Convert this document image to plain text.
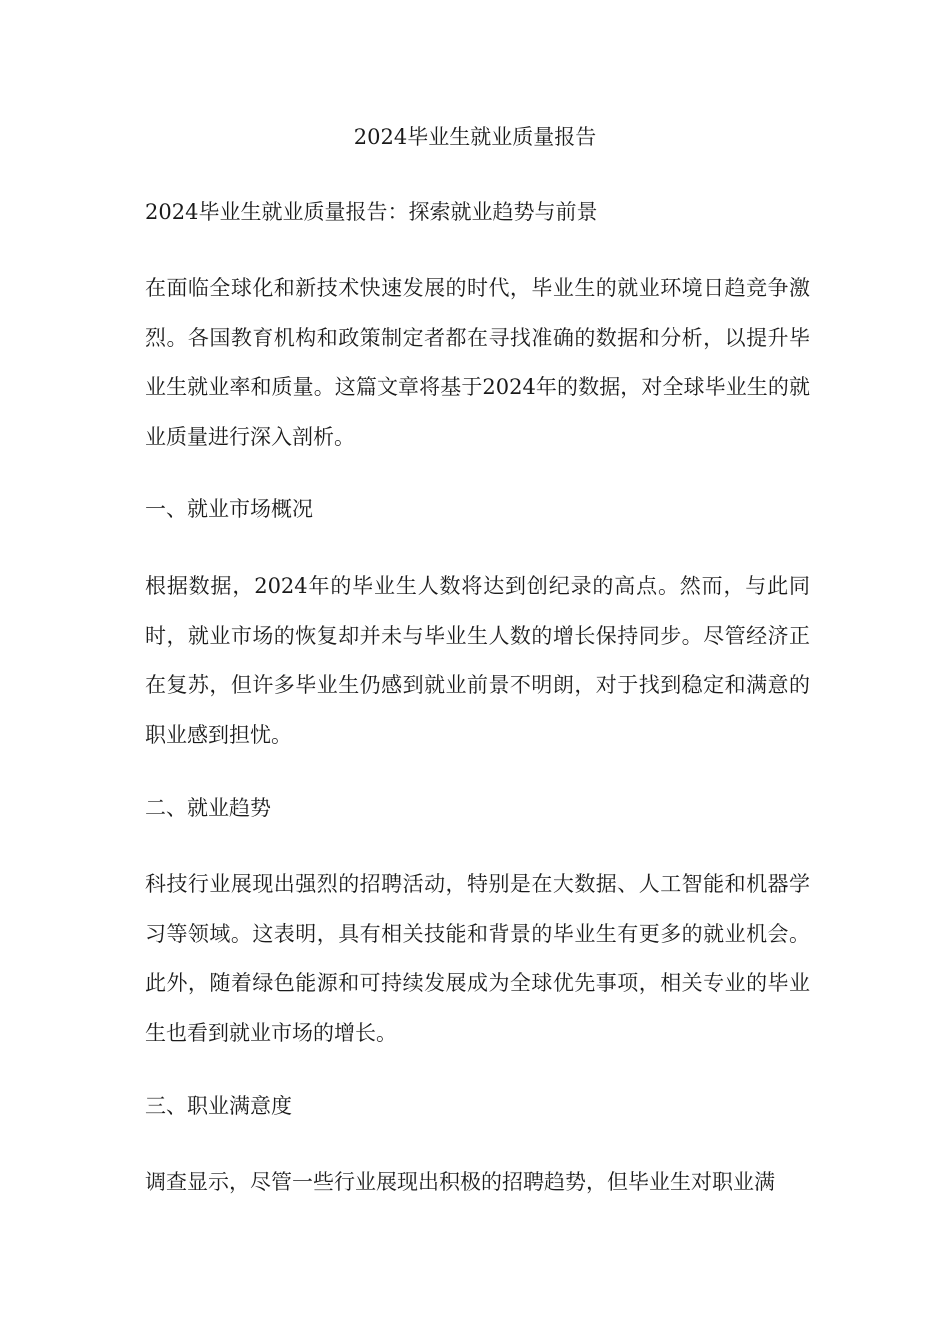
2024毕业生就业质量报告
2024毕业生就业质量报告：探索就业趋势与前景

在面临全球化和新技术快速发展的时代，毕业生的就业环境日趋竞争激烈。各国教育机构和政策制定者都在寻找准确的数据和分析，以提升毕业生就业率和质量。这篇文章将基于2024年的数据，对全球毕业生的就业质量进行深入剖析。

一、就业市场概况

根据数据，2024年的毕业生人数将达到创纪录的高点。然而，与此同时，就业市场的恢复却并未与毕业生人数的增长保持同步。尽管经济正在复苏，但许多毕业生仍感到就业前景不明朗，对于找到稳定和满意的职业感到担忧。

二、就业趋势

科技行业展现出强烈的招聘活动，特别是在大数据、人工智能和机器学习等领域。这表明，具有相关技能和背景的毕业生有更多的就业机会。此外，随着绿色能源和可持续发展成为全球优先事项，相关专业的毕业生也看到就业市场的增长。

三、职业满意度

调查显示，尽管一些行业展现出积极的招聘趋势，但毕业生对职业满
